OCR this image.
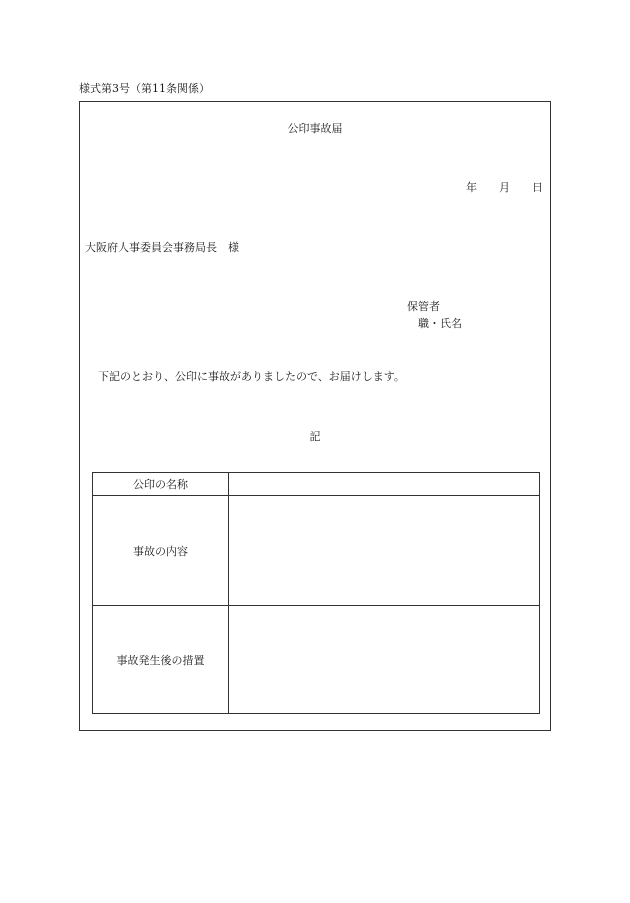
様式第3号（第11条関係）
公印事故届
年 月 日
大阪府人事委員会事務局長　様
保管者
職・氏名
下記のとおり、公印に事故がありましたので、お届けします。
記
公印の名称	
事故の内容	
事故発生後の措置	
